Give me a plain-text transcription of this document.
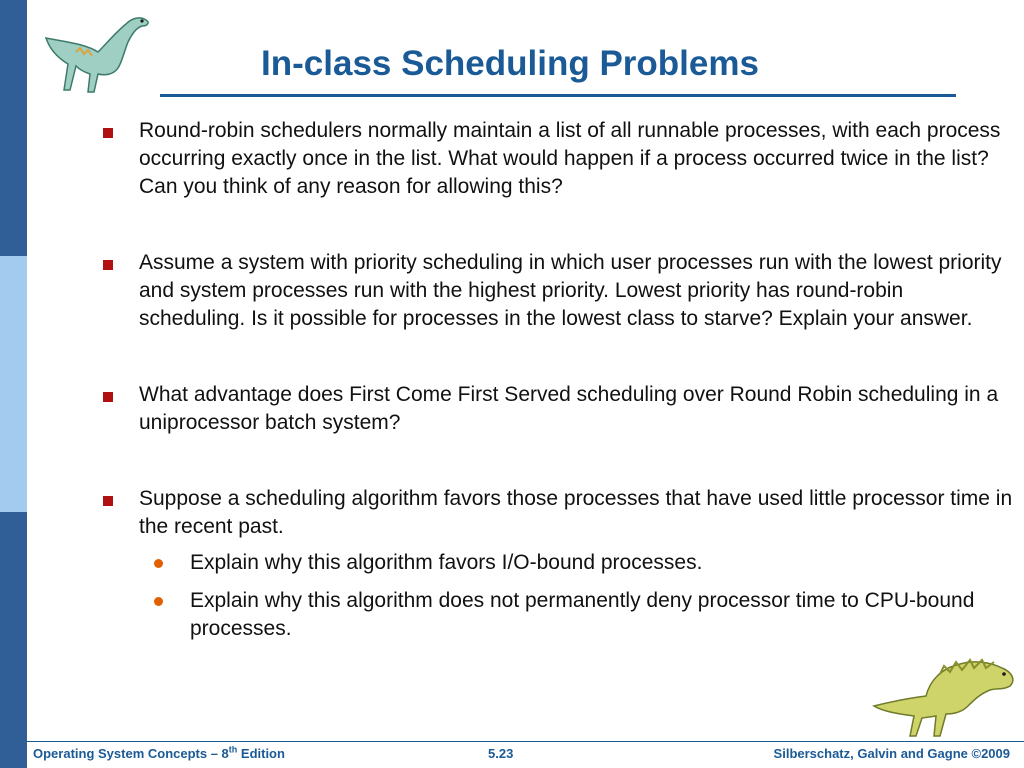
In-class Scheduling Problems
Round-robin schedulers normally maintain a list of all runnable processes, with each process occurring exactly once in the list. What would happen if a process occurred twice in the list? Can you think of any reason for allowing this?
Assume a system with priority scheduling in which user processes run with the lowest priority and system processes run with the highest priority. Lowest priority has round-robin scheduling. Is it possible for processes in the lowest class to starve? Explain your answer.
What advantage does First Come First Served scheduling over Round Robin scheduling in a uniprocessor batch system?
Suppose a scheduling algorithm favors those processes that have used little processor time in the recent past.
Explain why this algorithm favors I/O-bound processes.
Explain why this algorithm does not permanently deny processor time to CPU-bound processes.
Operating System Concepts – 8th Edition	5.23	Silberschatz, Galvin and Gagne ©2009
